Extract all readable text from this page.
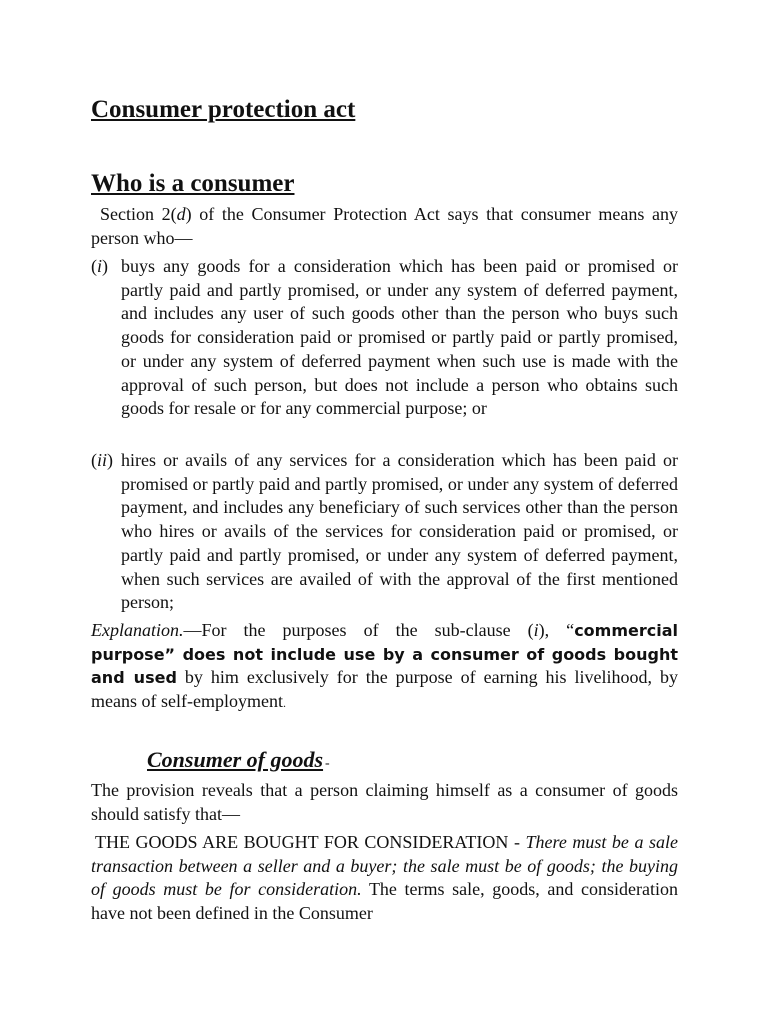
Consumer protection act
Who is a consumer

Section 2(d) of the Consumer Protection Act says that consumer means any person who—

(i) buys any goods for a consideration which has been paid or promised or partly paid and partly promised, or under any system of deferred payment, and includes any user of such goods other than the person who buys such goods for consideration paid or promised or partly paid or partly promised, or under any system of deferred payment when such use is made with the approval of such person, but does not include a person who obtains such goods for resale or for any commercial purpose; or

(ii) hires or avails of any services for a consideration which has been paid or promised or partly paid and partly promised, or under any system of deferred payment, and includes any beneficiary of such services other than the person who hires or avails of the services for consideration paid or promised, or partly paid and partly promised, or under any system of deferred payment, when such services are availed of with the approval of the first mentioned person;

Explanation.—For the purposes of the sub-clause (i), “commercial purpose” does not include use by a consumer of goods bought and used by him exclusively for the purpose of earning his livelihood, by means of self-employment.

Consumer of goods -

The provision reveals that a person claiming himself as a consumer of goods should satisfy that—

THE GOODS ARE BOUGHT FOR CONSIDERATION - There must be a sale transaction between a seller and a buyer; the sale must be of goods; the buying of goods must be for consideration. The terms sale, goods, and consideration have not been defined in the Consumer
